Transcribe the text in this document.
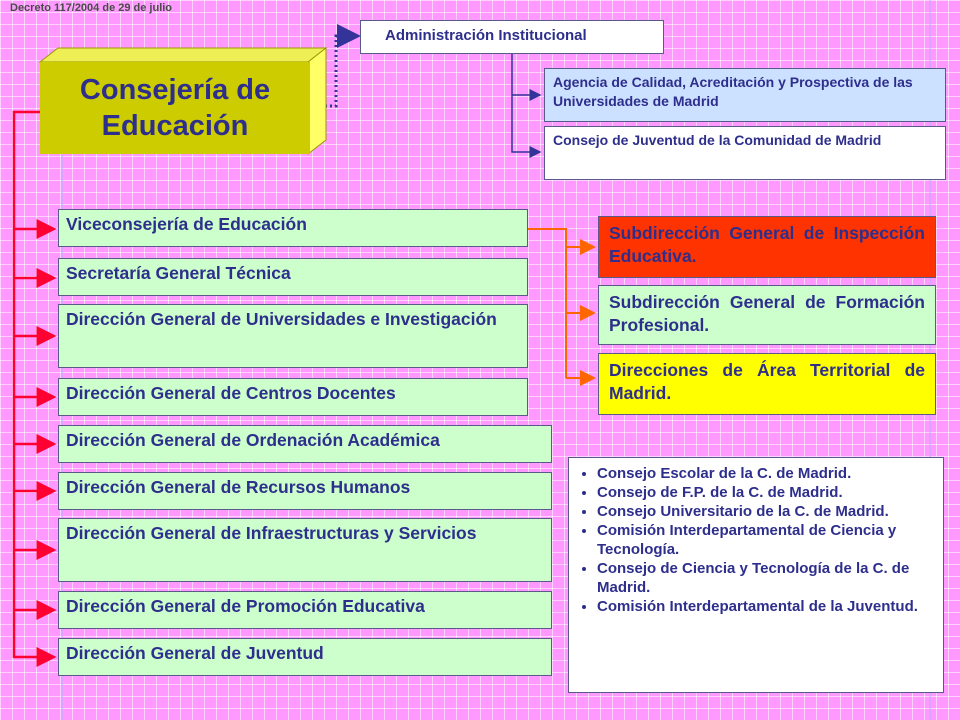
Decreto 117/2004 de 29 de julio
Consejería de Educación
Administración Institucional
Agencia de Calidad, Acreditación y Prospectiva de las Universidades de Madrid
Consejo de Juventud de la Comunidad de Madrid
Viceconsejería de Educación
Secretaría General Técnica
Dirección General de Universidades e Investigación
Dirección General de Centros Docentes
Dirección General de Ordenación Académica
Dirección General de Recursos Humanos
Dirección General de Infraestructuras y Servicios
Dirección General de Promoción Educativa
Dirección General de Juventud
Subdirección General de Inspección Educativa.
Subdirección General de Formación Profesional.
Direcciones de Área Territorial de Madrid.
• Consejo Escolar de la C. de Madrid.
• Consejo de F.P. de la C. de Madrid.
• Consejo Universitario de la C. de Madrid.
• Comisión Interdepartamental de Ciencia y Tecnología.
• Consejo de Ciencia y Tecnología de la C. de Madrid.
• Comisión Interdepartamental de la Juventud.
